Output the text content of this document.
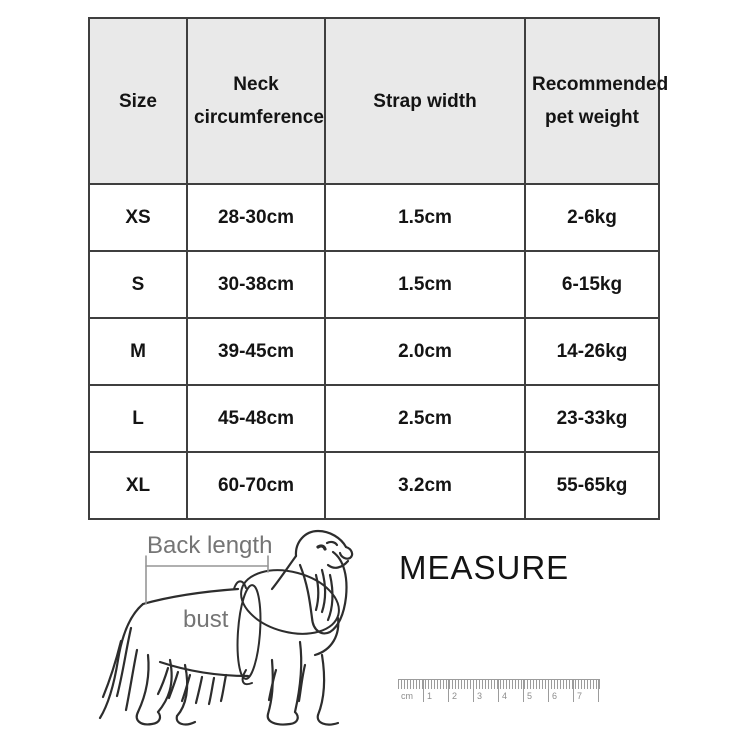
Size	Neck circumference	Strap width	Recommended pet weight
XS	28-30cm	1.5cm	2-6kg
S	30-38cm	1.5cm	6-15kg
M	39-45cm	2.0cm	14-26kg
L	45-48cm	2.5cm	23-33kg
XL	60-70cm	3.2cm	55-65kg
Back length
bust
MEASURE
cm	1	2	3	4	5	6	7
